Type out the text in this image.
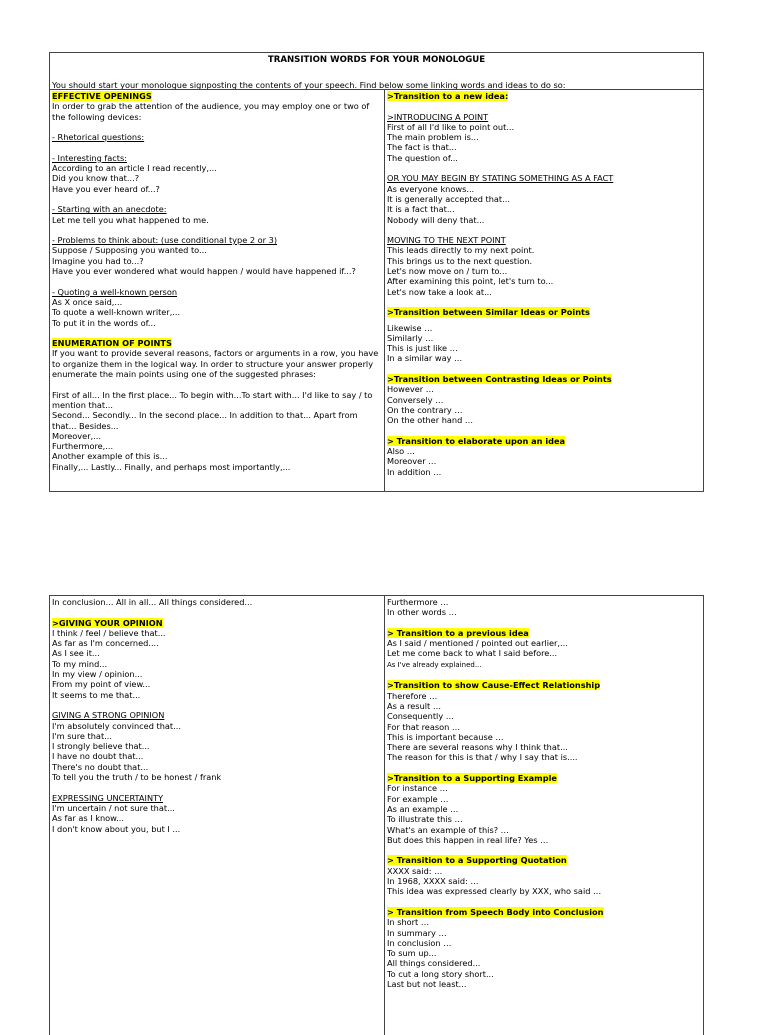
TRANSITION WORDS FOR YOUR MONOLOGUE
You should start your monologue signposting the contents of your speech. Find below some linking words and ideas to do so:
EFFECTIVE OPENINGS
In order to grab the attention of the audience, you may employ one or two of the following devices:
- Rhetorical questions:
- Interesting facts:
According to an article I read recently,...
Did you know that...?
Have you ever heard of...?
- Starting with an anecdote:
Let me tell you what happened to me.
- Problems to think about: (use conditional type 2 or 3)
Suppose / Supposing you wanted to...
Imagine you had to...?
Have you ever wondered what would happen / would have happened if...?
- Quoting a well-known person
As X once said,...
To quote a well-known writer,...
To put it in the words of...
ENUMERATION OF POINTS
If you want to provide several reasons, factors or arguments in a row, you have to organize them in the logical way. In order to structure your answer properly enumerate the main points using one of the suggested phrases:
First of all... In the first place... To begin with...To start with... I'd like to say / to mention that...
Second... Secondly... In the second place... In addition to that... Apart from that... Besides...
Moreover,...
Furthermore,...
Another example of this is...
Finally,... Lastly... Finally, and perhaps most importantly,...
>Transition to a new idea:
>INTRODUCING A POINT
First of all I'd like to point out...
The main problem is...
The fact is that...
The question of...
OR YOU MAY BEGIN BY STATING SOMETHING AS A FACT
As everyone knows...
It is generally accepted that...
It is a fact that...
Nobody will deny that...
MOVING TO THE NEXT POINT
This leads directly to my next point.
This brings us to the next question.
Let's now move on / turn to...
After examining this point, let's turn to...
Let's now take a look at...
>Transition between Similar Ideas or Points
Likewise …
Similarly …
This is just like …
In a similar way …
>Transition between Contrasting Ideas or Points
However …
Conversely …
On the contrary …
On the other hand …
> Transition to elaborate upon an idea
Also …
Moreover …
In addition …
In conclusion... All in all... All things considered...
>GIVING YOUR OPINION
I think / feel / believe that...
As far as I'm concerned....
As I see it...
To my mind...
In my view / opinion...
From my point of view...
It seems to me that...
GIVING A STRONG OPINION
I'm absolutely convinced that...
I'm sure that...
I strongly believe that...
I have no doubt that...
There's no doubt that...
To tell you the truth / to be honest / frank
EXPRESSING UNCERTAINTY
I'm uncertain / not sure that...
As far as I know...
I don't know about you, but I ...
Furthermore …
In other words …
> Transition to a previous idea
As I said / mentioned / pointed out earlier,...
Let me come back to what I said before...
As I've already explained...
>Transition to show Cause-Effect Relationship
Therefore …
As a result …
Consequently …
For that reason …
This is important because …
There are several reasons why I think that...
The reason for this is that / why I say that is....
>Transition to a Supporting Example
For instance …
For example …
As an example …
To illustrate this …
What's an example of this? …
But does this happen in real life? Yes …
> Transition to a Supporting Quotation
XXXX said: …
In 1968, XXXX said: …
This idea was expressed clearly by XXX, who said …
> Transition from Speech Body into Conclusion
In short …
In summary …
In conclusion …
To sum up...
All things considered...
To cut a long story short...
Last but not least...
